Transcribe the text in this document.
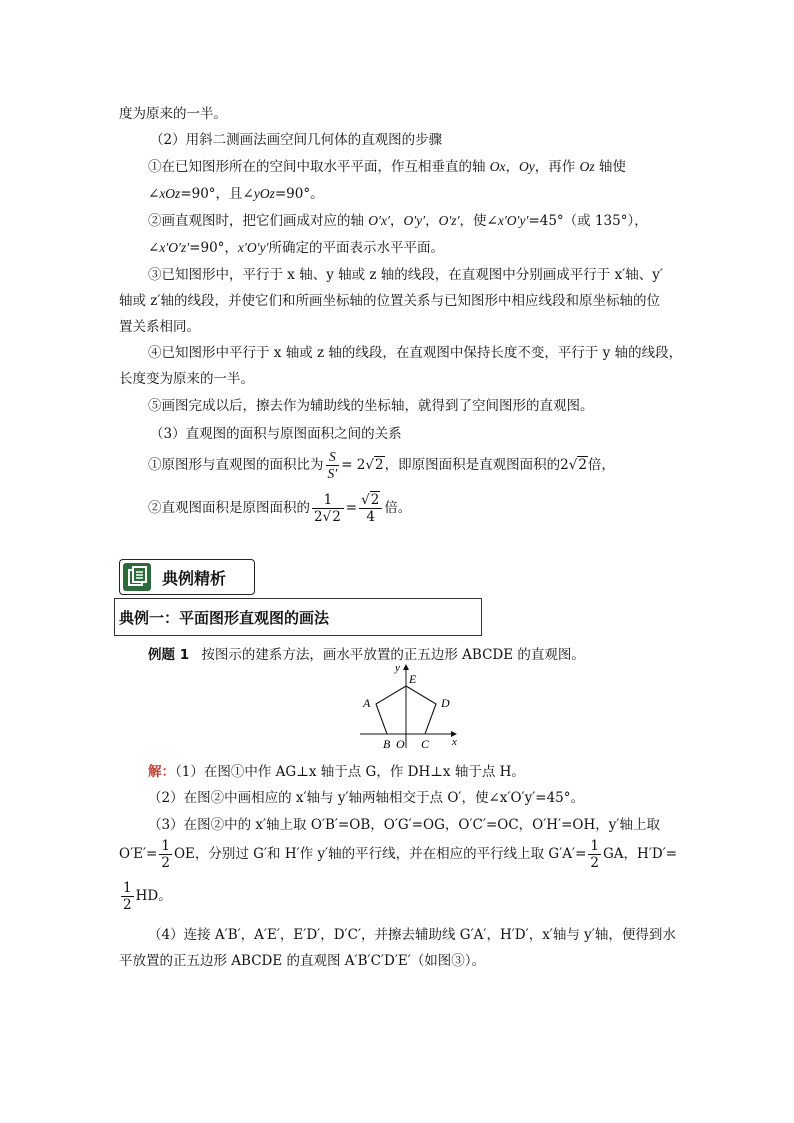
度为原来的一半。
（2）用斜二测画法画空间几何体的直观图的步骤
①在已知图形所在的空间中取水平平面，作互相垂直的轴 Ox，Oy，再作 Oz 轴使
∠xOz=90°，且∠yOz=90°。
②画直观图时，把它们画成对应的轴 O′x′，O′y′，O′z′，使∠x′O′y′=45°（或 135°），
∠x′O′z′=90°，x′O′y′所确定的平面表示水平平面。
③已知图形中，平行于 x 轴、y 轴或 z 轴的线段，在直观图中分别画成平行于 x′轴、y′
轴或 z′轴的线段，并使它们和所画坐标轴的位置关系与已知图形中相应线段和原坐标轴的位
置关系相同。
④已知图形中平行于 x 轴或 z 轴的线段，在直观图中保持长度不变，平行于 y 轴的线段，
长度变为原来的一半。
⑤画图完成以后，擦去作为辅助线的坐标轴，就得到了空间图形的直观图。
（3）直观图的面积与原图面积之间的关系
①原图形与直观图的面积比为 $\frac{S}{S'} = 2√2$，即原图面积是直观图面积的2√2倍，
②直观图面积是原图面积的 $\frac{1}{2√2} = \frac{√2}{4}$ 倍。
典例精析
典例一：平面图形直观图的画法
例题 1 按图示的建系方法，画水平放置的正五边形 ABCDE 的直观图。
y
E
A	D
B O C x
解：（1）在图①中作 AG⊥x 轴于点 G，作 DH⊥x 轴于点 H。
（2）在图②中画相应的 x′轴与 y′轴两轴相交于点 O′，使∠x′O′y′=45°。
（3）在图②中的 x′轴上取 O′B′=OB，O′G′=OG，O′C′=OC，O′H′=OH，y′轴上取
$O'E'= \frac{1}{2}$ OE，分别过 G′和 H′作 y′轴的平行线，并在相应的平行线上取 $G'A'= \frac{1}{2}$ GA，H′D′=
$\frac{1}{2}$ HD。
（4）连接 A′B′，A′E′，E′D′，D′C′，并擦去辅助线 G′A′，H′D′，x′轴与 y′轴，便得到水
平放置的正五边形 ABCDE 的直观图 A′B′C′D′E′（如图③）。
